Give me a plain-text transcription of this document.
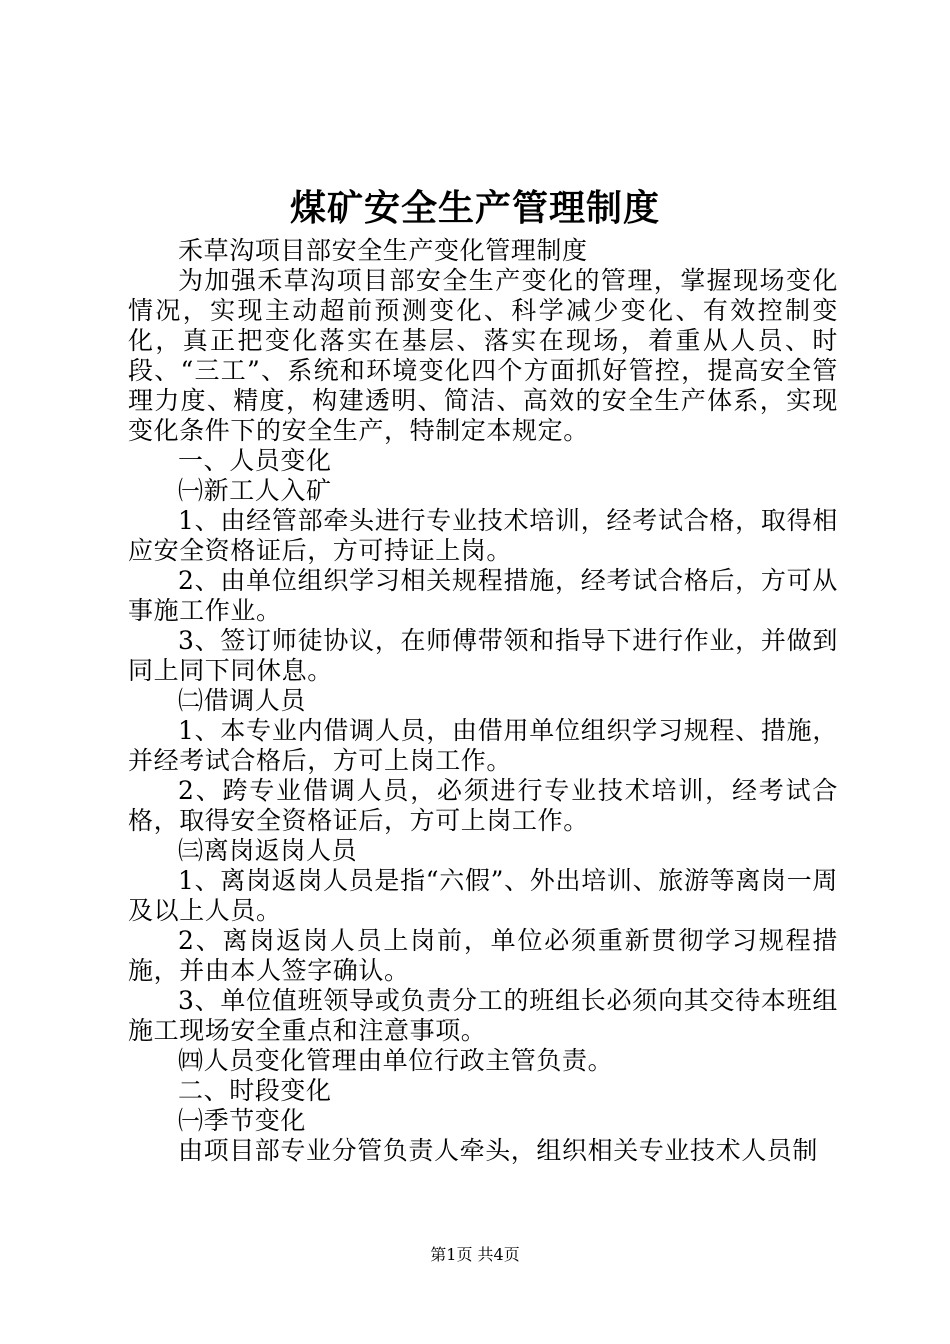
煤矿安全生产管理制度

禾草沟项目部安全生产变化管理制度

为加强禾草沟项目部安全生产变化的管理，掌握现场变化情况，实现主动超前预测变化、科学减少变化、有效控制变化，真正把变化落实在基层、落实在现场，着重从人员、时段、“三工”、系统和环境变化四个方面抓好管控，提高安全管理力度、精度，构建透明、简洁、高效的安全生产体系，实现变化条件下的安全生产，特制定本规定。

一、人员变化

㈠新工人入矿

1、由经管部牵头进行专业技术培训，经考试合格，取得相应安全资格证后，方可持证上岗。

2、由单位组织学习相关规程措施，经考试合格后，方可从事施工作业。

3、签订师徒协议，在师傅带领和指导下进行作业，并做到同上同下同休息。

㈡借调人员

1、本专业内借调人员，由借用单位组织学习规程、措施，并经考试合格后，方可上岗工作。

2、跨专业借调人员，必须进行专业技术培训，经考试合格，取得安全资格证后，方可上岗工作。

㈢离岗返岗人员

1、离岗返岗人员是指“六假”、外出培训、旅游等离岗一周及以上人员。

2、离岗返岗人员上岗前，单位必须重新贯彻学习规程措施，并由本人签字确认。

3、单位值班领导或负责分工的班组长必须向其交待本班组施工现场安全重点和注意事项。

㈣人员变化管理由单位行政主管负责。

二、时段变化

㈠季节变化

由项目部专业分管负责人牵头，组织相关专业技术人员制

第1页 共4页
